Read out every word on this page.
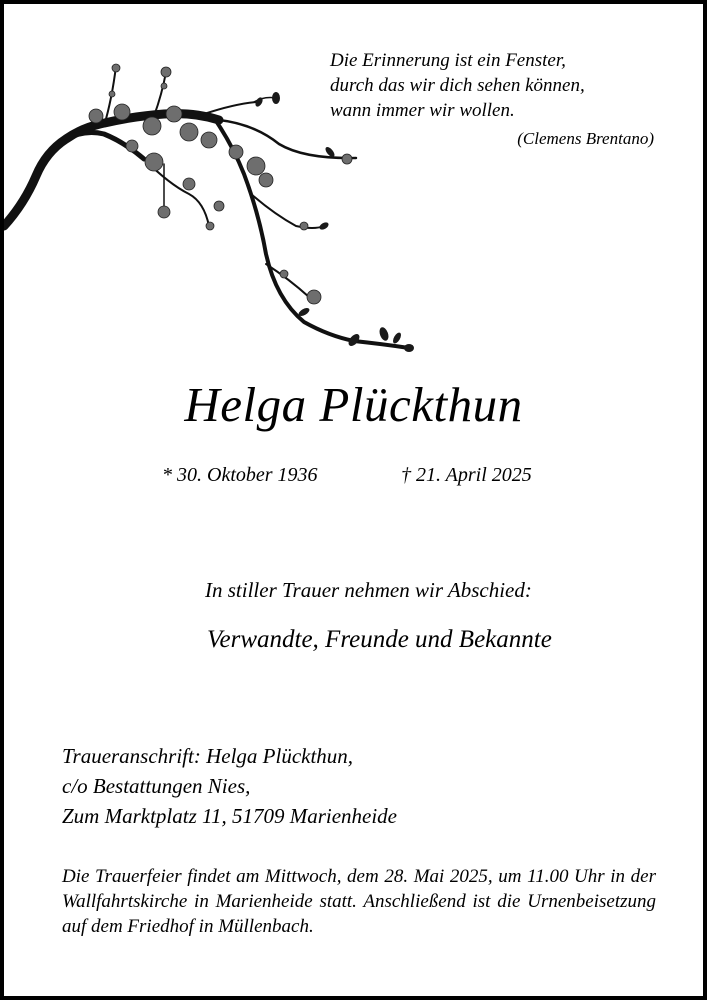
Die Erinnerung ist ein Fenster,
durch das wir dich sehen können,
wann immer wir wollen.
(Clemens Brentano)
Helga Plückthun
* 30. Oktober 1936	† 21. April 2025
In stiller Trauer nehmen wir Abschied:
Verwandte, Freunde und Bekannte
Traueranschrift: Helga Plückthun,
c/o Bestattungen Nies,
Zum Marktplatz 11, 51709 Marienheide
Die Trauerfeier findet am Mittwoch, dem 28. Mai 2025, um 11.00 Uhr in der Wallfahrtskirche in Marienheide statt. Anschließend ist die Urnenbeisetzung auf dem Friedhof in Müllenbach.
